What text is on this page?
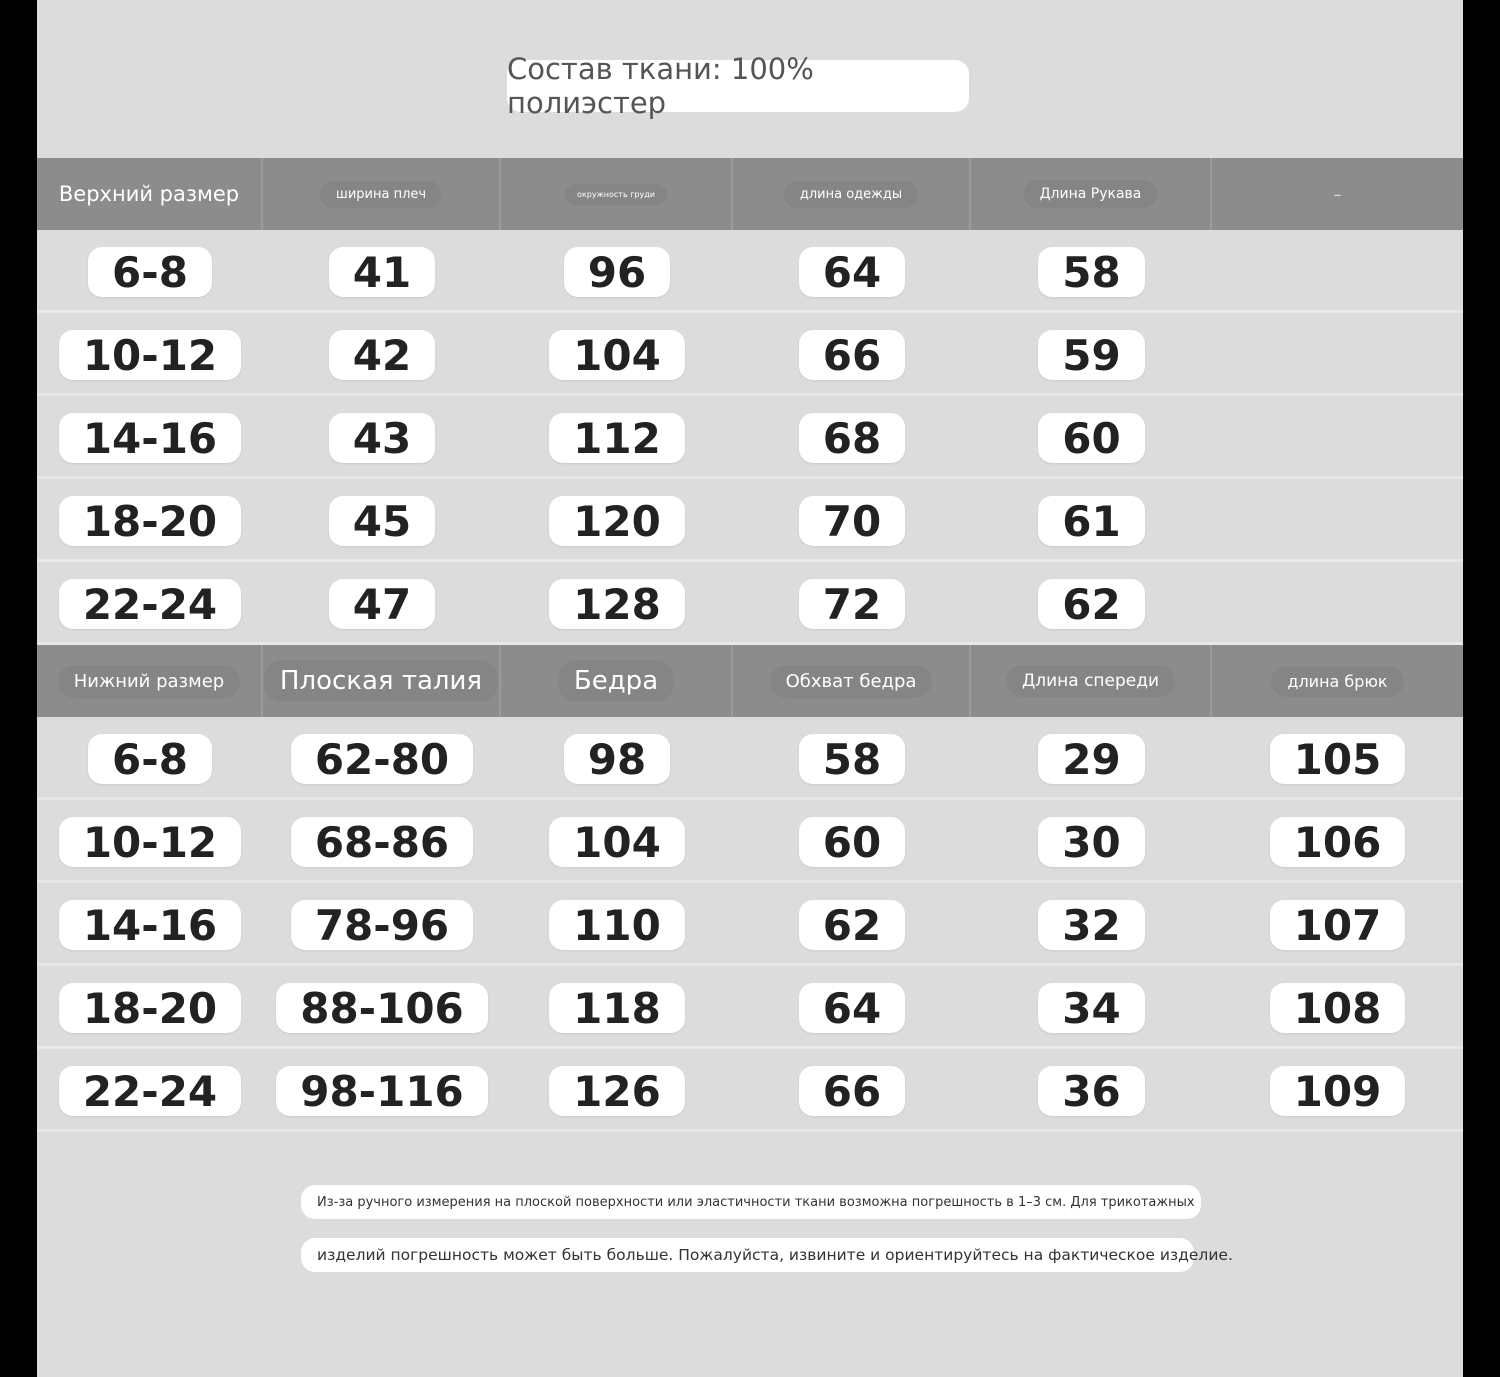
Состав ткани: 100% полиэстер
Верхний размер	ширина плеч	окружность груди	длина одежды	Длина Рукава	–
6-8	41	96	64	58
10-12	42	104	66	59
14-16	43	112	68	60
18-20	45	120	70	61
22-24	47	128	72	62
Нижний размер	Плоская талия	Бедра	Обхват бедра	Длина спереди	длина брюк
6-8	62-80	98	58	29	105
10-12	68-86	104	60	30	106
14-16	78-96	110	62	32	107
18-20	88-106	118	64	34	108
22-24	98-116	126	66	36	109
Из-за ручного измерения на плоской поверхности или эластичности ткани возможна погрешность в 1–3 см. Для трикотажных
изделий погрешность может быть больше. Пожалуйста, извините и ориентируйтесь на фактическое изделие.
